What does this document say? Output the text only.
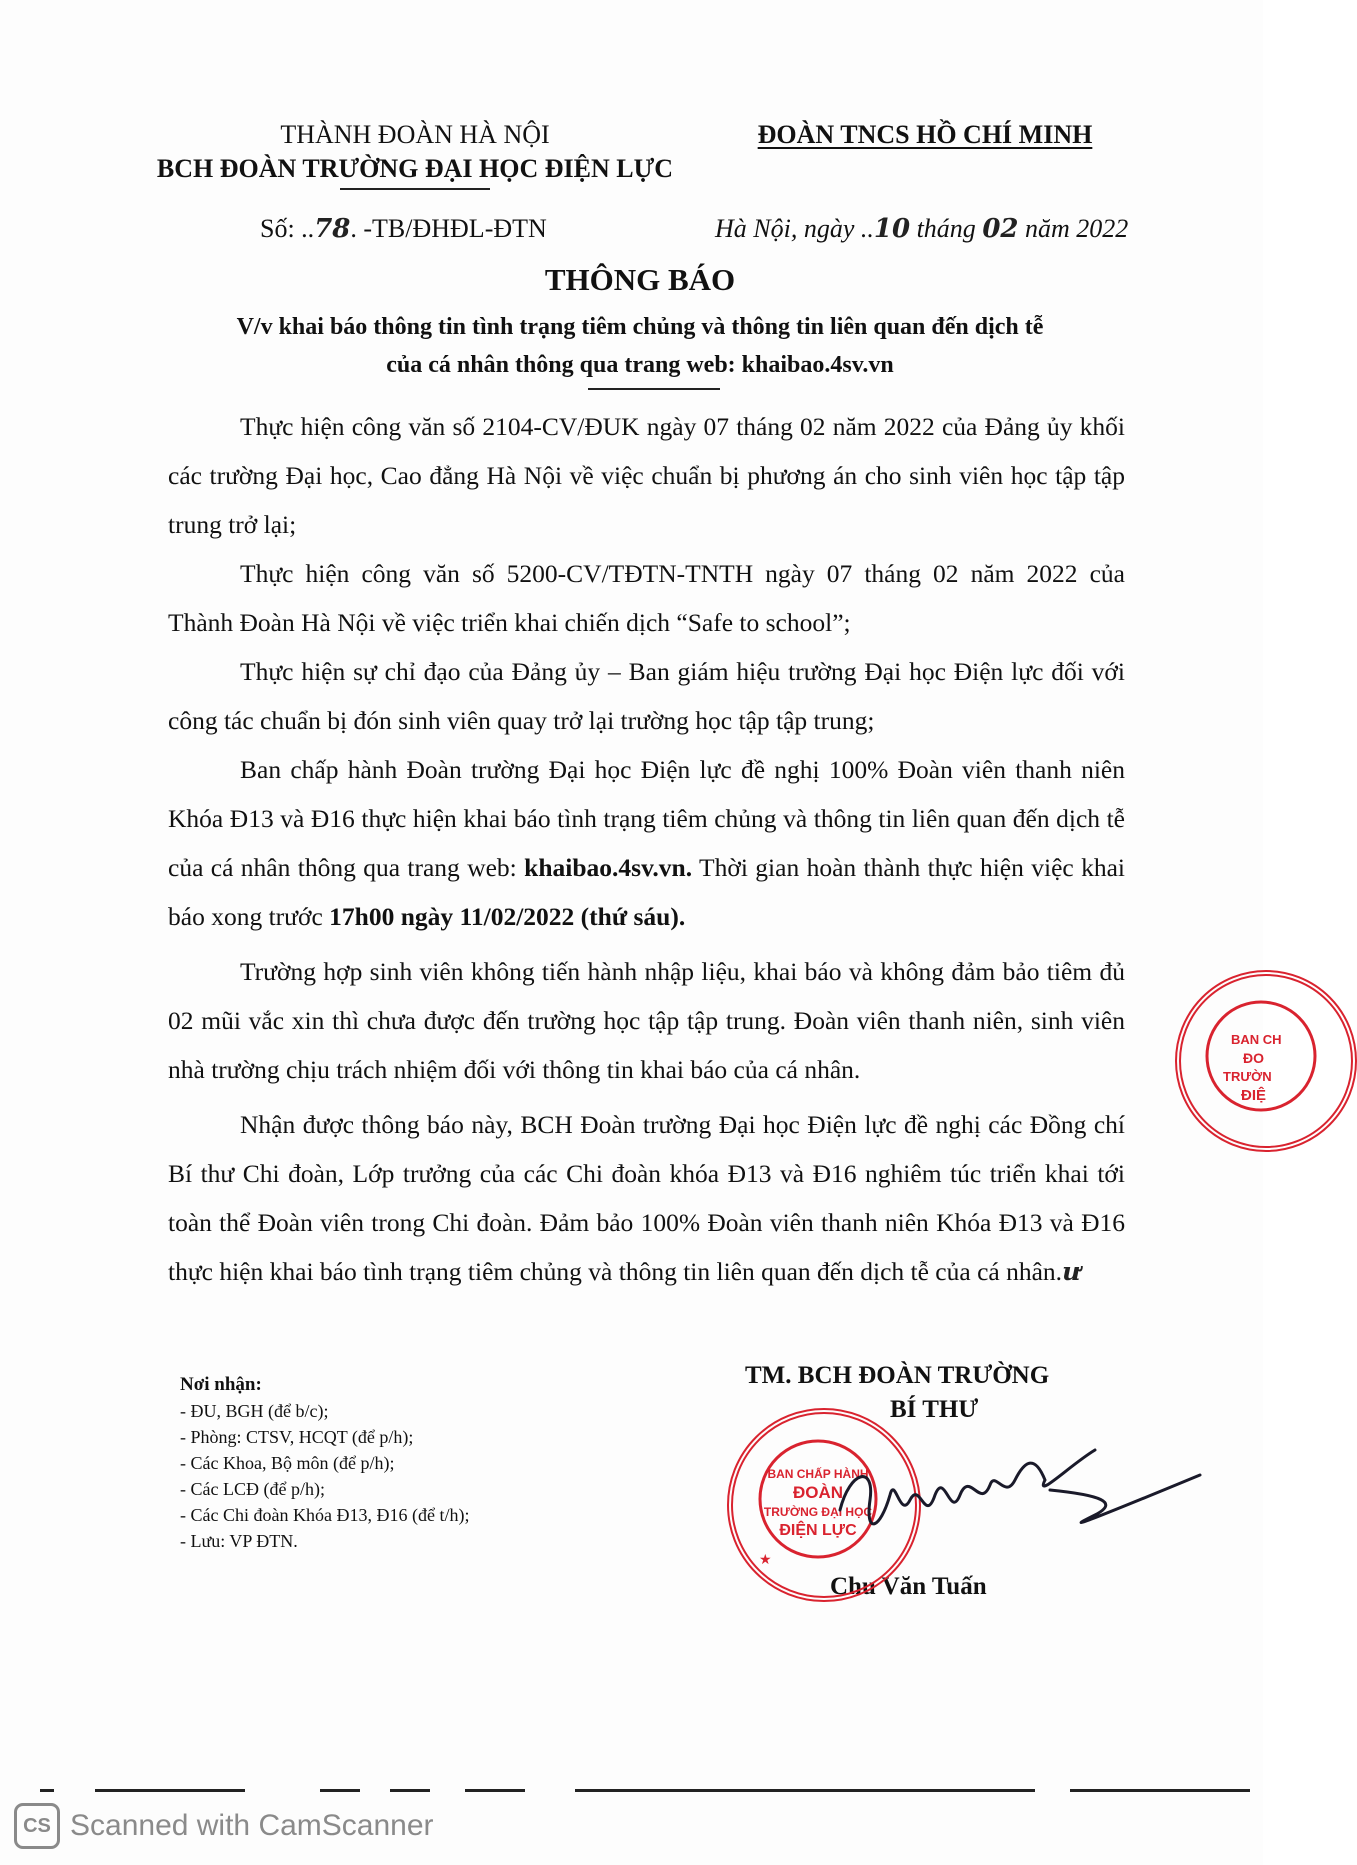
THÀNH ĐOÀN HÀ NỘI
BCH ĐOÀN TRƯỜNG ĐẠI HỌC ĐIỆN LỰC
ĐOÀN TNCS HỒ CHÍ MINH
Số: ..78. -TB/ĐHĐL-ĐTN	Hà Nội, ngày ..10 tháng 02 năm 2022
THÔNG BÁO
V/v khai báo thông tin tình trạng tiêm chủng và thông tin liên quan đến dịch tễ
của cá nhân thông qua trang web: khaibao.4sv.vn

Thực hiện công văn số 2104-CV/ĐUK ngày 07 tháng 02 năm 2022 của Đảng ủy khối các trường Đại học, Cao đẳng Hà Nội về việc chuẩn bị phương án cho sinh viên học tập tập trung trở lại;

Thực hiện công văn số 5200-CV/TĐTN-TNTH ngày 07 tháng 02 năm 2022 của Thành Đoàn Hà Nội về việc triển khai chiến dịch “Safe to school”;

Thực hiện sự chỉ đạo của Đảng ủy – Ban giám hiệu trường Đại học Điện lực đối với công tác chuẩn bị đón sinh viên quay trở lại trường học tập tập trung;

Ban chấp hành Đoàn trường Đại học Điện lực đề nghị 100% Đoàn viên thanh niên Khóa Đ13 và Đ16 thực hiện khai báo tình trạng tiêm chủng và thông tin liên quan đến dịch tễ của cá nhân thông qua trang web: khaibao.4sv.vn. Thời gian hoàn thành thực hiện việc khai báo xong trước 17h00 ngày 11/02/2022 (thứ sáu).

Trường hợp sinh viên không tiến hành nhập liệu, khai báo và không đảm bảo tiêm đủ 02 mũi vắc xin thì chưa được đến trường học tập tập trung. Đoàn viên thanh niên, sinh viên nhà trường chịu trách nhiệm đối với thông tin khai báo của cá nhân.

Nhận được thông báo này, BCH Đoàn trường Đại học Điện lực đề nghị các Đồng chí Bí thư Chi đoàn, Lớp trưởng của các Chi đoàn khóa Đ13 và Đ16 nghiêm túc triển khai tới toàn thể Đoàn viên trong Chi đoàn. Đảm bảo 100% Đoàn viên thanh niên Khóa Đ13 và Đ16 thực hiện khai báo tình trạng tiêm chủng và thông tin liên quan đến dịch tễ của cá nhân.ư

Nơi nhận:
- ĐU, BGH (để b/c);
- Phòng: CTSV, HCQT (để p/h);
- Các Khoa, Bộ môn (để p/h);
- Các LCĐ (để p/h);
- Các Chi đoàn Khóa Đ13, Đ16 (để t/h);
- Lưu: VP ĐTN.
TM. BCH ĐOÀN TRƯỜNG
BÍ THƯ
Chu Văn Tuấn
BAN CHẤP HÀNH
ĐOÀN
TRƯỜNG ĐẠI HỌC
ĐIỆN LỰC
★
BAN CH
ĐO
TRƯỜN
ĐIỆ
CS Scanned with CamScanner
